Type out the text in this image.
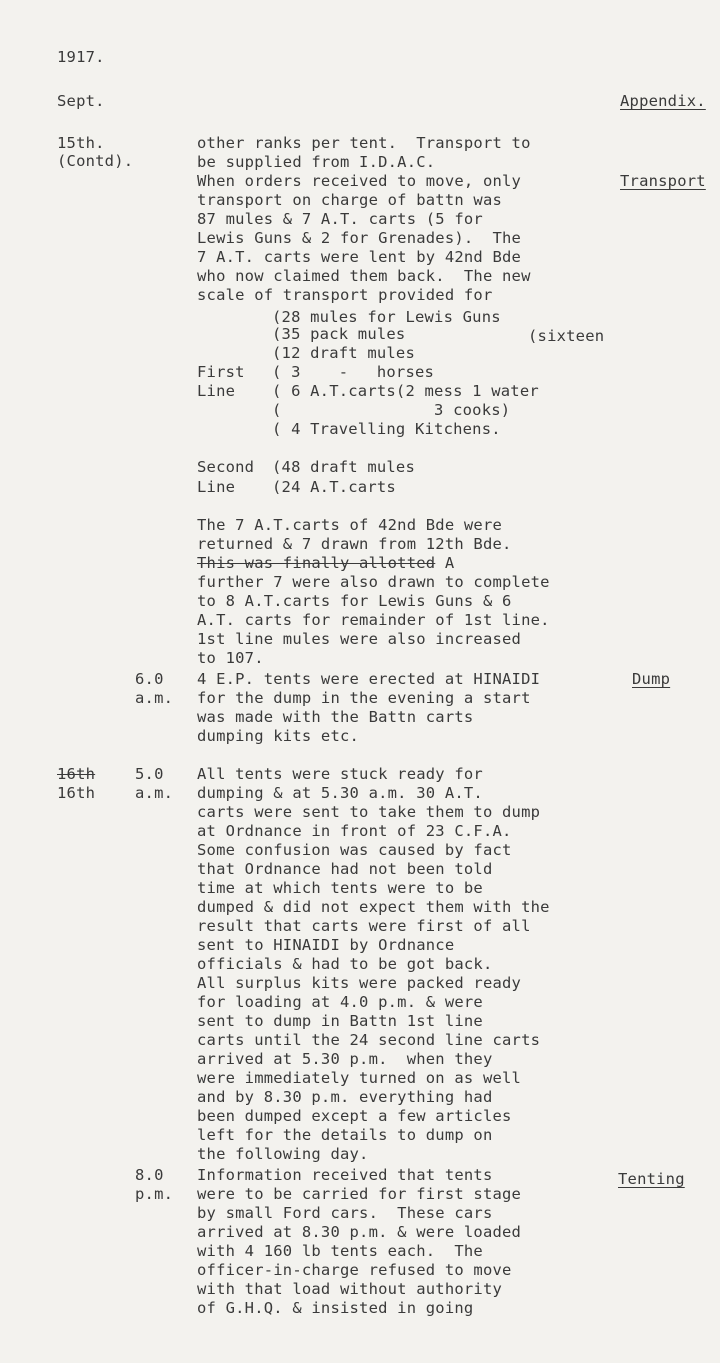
1917.
Sept.	Appendix.
15th.
(Contd).
other ranks per tent.  Transport to
be supplied from I.D.A.C.
When orders received to move, only
transport on charge of battn was
87 mules & 7 A.T. carts (5 for
Lewis Guns & 2 for Grenades).  The
7 A.T. carts were lent by 42nd Bde
who now claimed them back.  The new
scale of transport provided for
Transport
(28 mules for Lewis Guns
(35 pack mules	(sixteen
(12 draft mules
( 3    -   horses
( 6 A.T.carts(2 mess 1 water
(                3 cooks)
( 4 Travelling Kitchens.
First
Line
Second
Line
(48 draft mules
(24 A.T.carts
The 7 A.T.carts of 42nd Bde were
returned & 7 drawn from 12th Bde.
This was finally allotted A
further 7 were also drawn to complete
to 8 A.T.carts for Lewis Guns & 6
A.T. carts for remainder of 1st line.
1st line mules were also increased
to 107.
6.0
a.m.
4 E.P. tents were erected at HINAIDI
for the dump in the evening a start
was made with the Battn carts
dumping kits etc.
Dump
16th
16th
5.0
a.m.
All tents were stuck ready for
dumping & at 5.30 a.m. 30 A.T.
carts were sent to take them to dump
at Ordnance in front of 23 C.F.A.
Some confusion was caused by fact
that Ordnance had not been told
time at which tents were to be
dumped & did not expect them with the
result that carts were first of all
sent to HINAIDI by Ordnance
officials & had to be got back.
All surplus kits were packed ready
for loading at 4.0 p.m. & were
sent to dump in Battn 1st line
carts until the 24 second line carts
arrived at 5.30 p.m.  when they
were immediately turned on as well
and by 8.30 p.m. everything had
been dumped except a few articles
left for the details to dump on
the following day.
8.0
p.m.
Information received that tents
were to be carried for first stage
by small Ford cars.  These cars
arrived at 8.30 p.m. & were loaded
with 4 160 lb tents each.  The
officer-in-charge refused to move
with that load without authority
of G.H.Q. & insisted in going
Tenting
